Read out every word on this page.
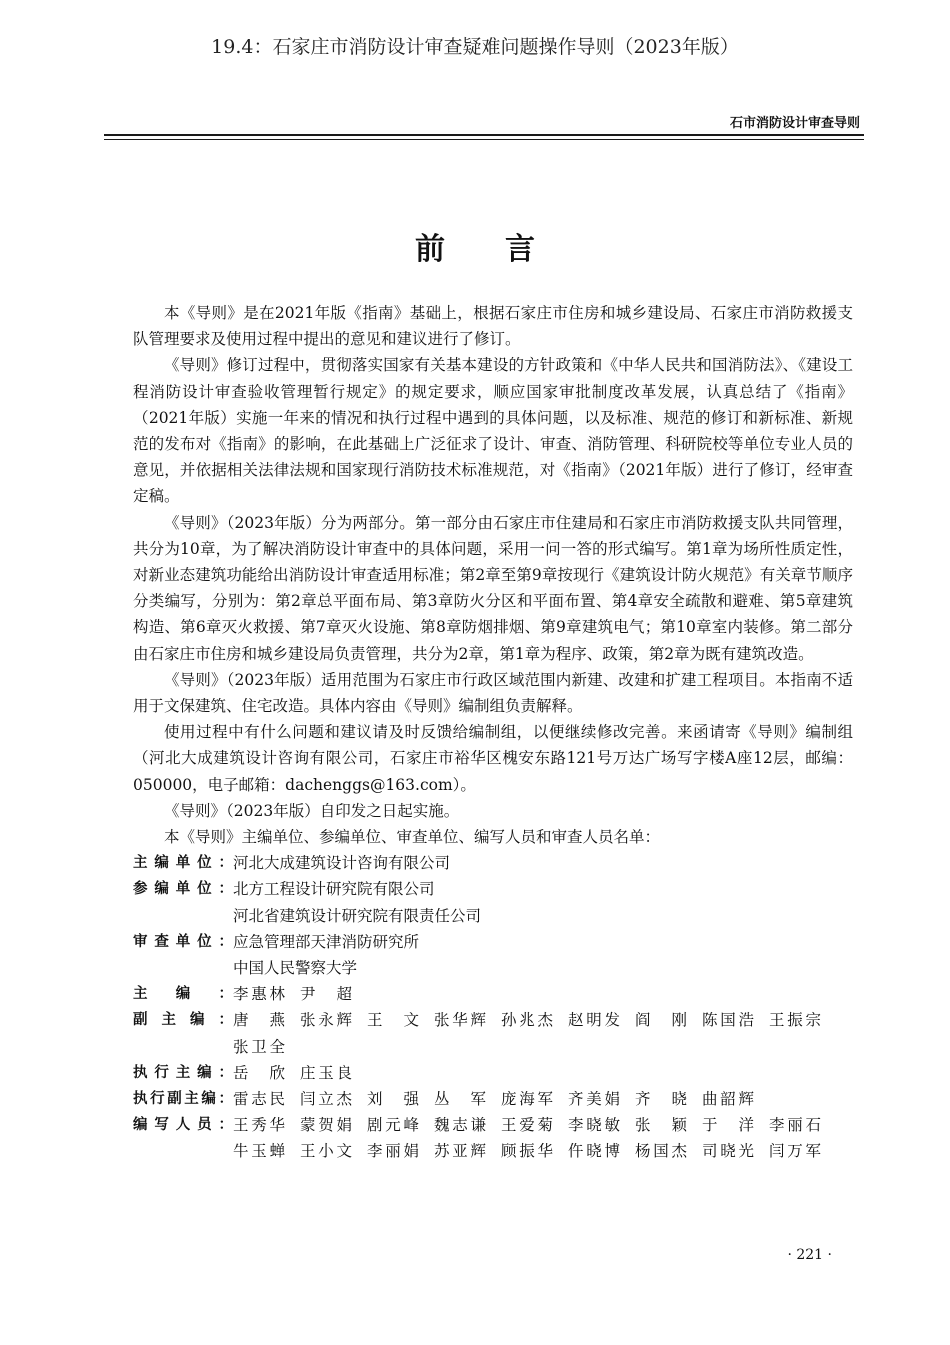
19.4：石家庄市消防设计审查疑难问题操作导则（2023年版）
石市消防设计审查导则
前言

本《导则》是在2021年版《指南》基础上，根据石家庄市住房和城乡建设局、石家庄市消防救援支队管理要求及使用过程中提出的意见和建议进行了修订。

《导则》修订过程中，贯彻落实国家有关基本建设的方针政策和《中华人民共和国消防法》、《建设工程消防设计审查验收管理暂行规定》的规定要求，顺应国家审批制度改革发展，认真总结了《指南》（2021年版）实施一年来的情况和执行过程中遇到的具体问题，以及标准、规范的修订和新标准、新规范的发布对《指南》的影响，在此基础上广泛征求了设计、审查、消防管理、科研院校等单位专业人员的意见，并依据相关法律法规和国家现行消防技术标准规范，对《指南》（2021年版）进行了修订，经审查定稿。

《导则》（2023年版）分为两部分。第一部分由石家庄市住建局和石家庄市消防救援支队共同管理，共分为10章，为了解决消防设计审查中的具体问题，采用一问一答的形式编写。第1章为场所性质定性，对新业态建筑功能给出消防设计审查适用标准；第2章至第9章按现行《建筑设计防火规范》有关章节顺序分类编写，分别为：第2章总平面布局、第3章防火分区和平面布置、第4章安全疏散和避难、第5章建筑构造、第6章灭火救援、第7章灭火设施、第8章防烟排烟、第9章建筑电气；第10章室内装修。第二部分由石家庄市住房和城乡建设局负责管理，共分为2章，第1章为程序、政策，第2章为既有建筑改造。

《导则》（2023年版）适用范围为石家庄市行政区域范围内新建、改建和扩建工程项目。本指南不适用于文保建筑、住宅改造。具体内容由《导则》编制组负责解释。

使用过程中有什么问题和建议请及时反馈给编制组，以便继续修改完善。来函请寄《导则》编制组（河北大成建筑设计咨询有限公司，石家庄市裕华区槐安东路121号万达广场写字楼A座12层，邮编：050000，电子邮箱：dachenggs@163.com）。

《导则》（2023年版）自印发之日起实施。

本《导则》主编单位、参编单位、审查单位、编写人员和审查人员名单：

主编单位： 河北大成建筑设计咨询有限公司
参编单位： 北方工程设计研究院有限公司
河北省建筑设计研究院有限责任公司
审查单位： 应急管理部天津消防研究所
中国人民警察大学
主编： 李惠林 尹超
副主编： 唐燕 张永辉 王文 张华辉 孙兆杰 赵明发 阎刚 陈国浩 王振宗
张卫全
执行主编： 岳欣 庄玉良
执行副主编： 雷志民 闫立杰 刘强 丛军 庞海军 齐美娟 齐晓 曲韶辉
编写人员： 王秀华 蒙贺娟 剧元峰 魏志谦 王爱菊 李晓敏 张颖 于洋 李丽石
牛玉蝉 王小文 李丽娟 苏亚辉 顾振华 仵晓博 杨国杰 司晓光 闫万军
· 221 ·
